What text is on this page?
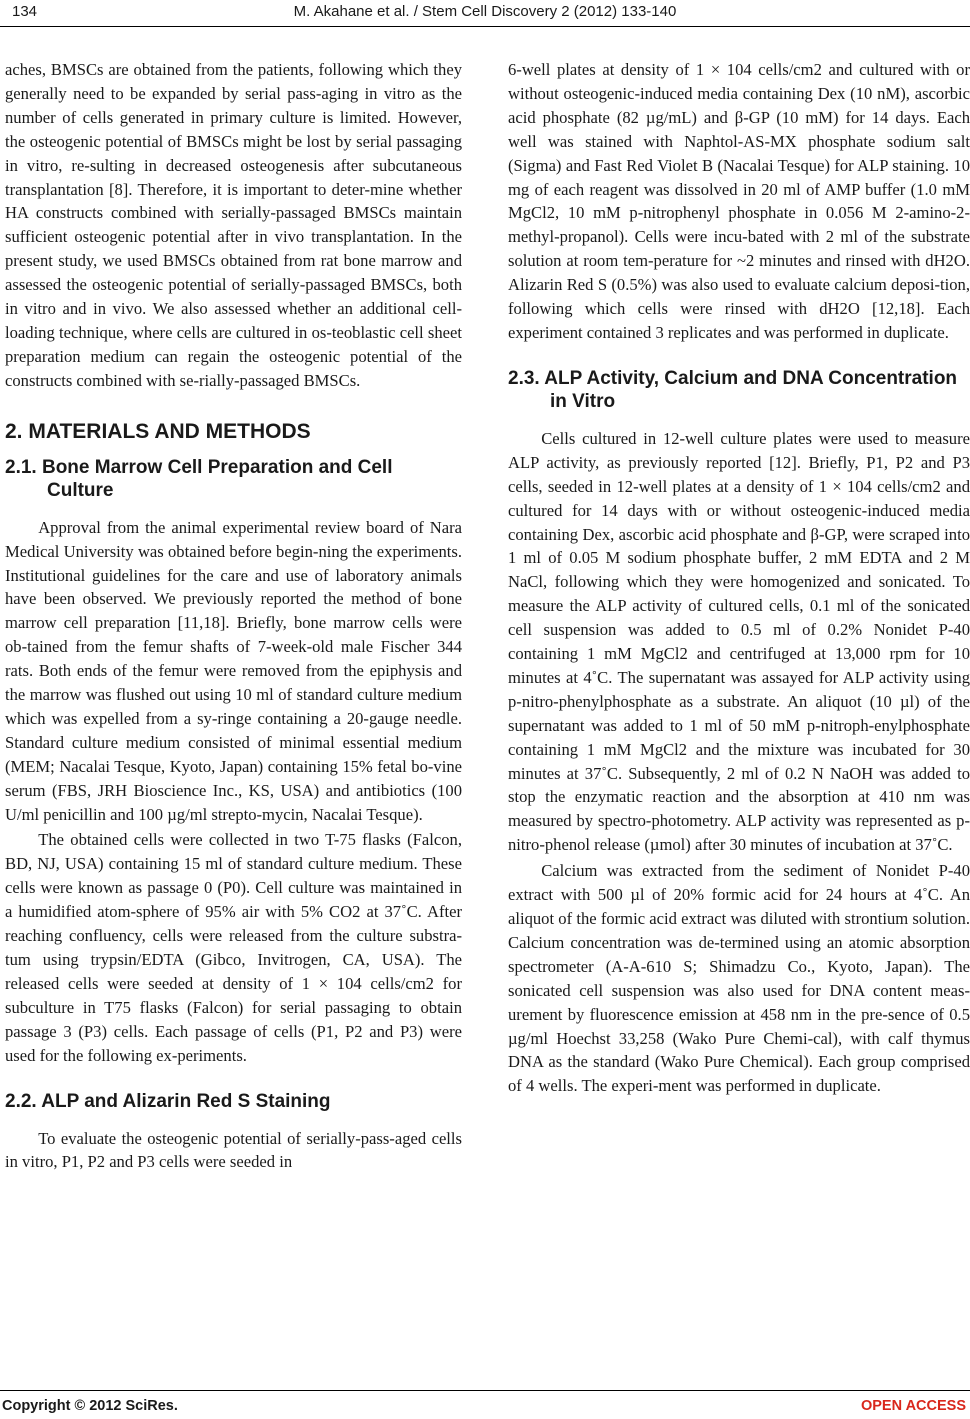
134	M. Akahane et al. / Stem Cell Discovery 2 (2012) 133-140

aches, BMSCs are obtained from the patients, following which they generally need to be expanded by serial pass-aging in vitro as the number of cells generated in primary culture is limited. However, the osteogenic potential of BMSCs might be lost by serial passaging in vitro, re-sulting in decreased osteogenesis after subcutaneous transplantation [8]. Therefore, it is important to deter-mine whether HA constructs combined with serially-passaged BMSCs maintain sufficient osteogenic potential after in vivo transplantation. In the present study, we used BMSCs obtained from rat bone marrow and assessed the osteogenic potential of serially-passaged BMSCs, both in vitro and in vivo. We also assessed whether an additional cell-loading technique, where cells are cultured in os-teoblastic cell sheet preparation medium can regain the osteogenic potential of the constructs combined with se-rially-passaged BMSCs.

2. MATERIALS AND METHODS
2.1. Bone Marrow Cell Preparation and Cell Culture

Approval from the animal experimental review board of Nara Medical University was obtained before begin-ning the experiments. Institutional guidelines for the care and use of laboratory animals have been observed. We previously reported the method of bone marrow cell preparation [11,18]. Briefly, bone marrow cells were ob-tained from the femur shafts of 7-week-old male Fischer 344 rats. Both ends of the femur were removed from the epiphysis and the marrow was flushed out using 10 ml of standard culture medium which was expelled from a sy-ringe containing a 20-gauge needle. Standard culture medium consisted of minimal essential medium (MEM; Nacalai Tesque, Kyoto, Japan) containing 15% fetal bo-vine serum (FBS, JRH Bioscience Inc., KS, USA) and antibiotics (100 U/ml penicillin and 100 µg/ml strepto-mycin, Nacalai Tesque).

The obtained cells were collected in two T-75 flasks (Falcon, BD, NJ, USA) containing 15 ml of standard culture medium. These cells were known as passage 0 (P0). Cell culture was maintained in a humidified atom-sphere of 95% air with 5% CO2 at 37˚C. After reaching confluency, cells were released from the culture substra-tum using trypsin/EDTA (Gibco, Invitrogen, CA, USA). The released cells were seeded at density of 1 × 104 cells/cm2 for subculture in T75 flasks (Falcon) for serial passaging to obtain passage 3 (P3) cells. Each passage of cells (P1, P2 and P3) were used for the following ex-periments.

2.2. ALP and Alizarin Red S Staining

To evaluate the osteogenic potential of serially-pass-aged cells in vitro, P1, P2 and P3 cells were seeded in

6-well plates at density of 1 × 104 cells/cm2 and cultured with or without osteogenic-induced media containing Dex (10 nM), ascorbic acid phosphate (82 µg/mL) and β-GP (10 mM) for 14 days. Each well was stained with Naphtol-AS-MX phosphate sodium salt (Sigma) and Fast Red Violet B (Nacalai Tesque) for ALP staining. 10 mg of each reagent was dissolved in 20 ml of AMP buffer (1.0 mM MgCl2, 10 mM p-nitrophenyl phosphate in 0.056 M 2-amino-2-methyl-propanol). Cells were incu-bated with 2 ml of the substrate solution at room tem-perature for ~2 minutes and rinsed with dH2O. Alizarin Red S (0.5%) was also used to evaluate calcium deposi-tion, following which cells were rinsed with dH2O [12,18]. Each experiment contained 3 replicates and was performed in duplicate.

2.3. ALP Activity, Calcium and DNA Concentration in Vitro

Cells cultured in 12-well culture plates were used to measure ALP activity, as previously reported [12]. Briefly, P1, P2 and P3 cells, seeded in 12-well plates at a density of 1 × 104 cells/cm2 and cultured for 14 days with or without osteogenic-induced media containing Dex, ascorbic acid phosphate and β-GP, were scraped into 1 ml of 0.05 M sodium phosphate buffer, 2 mM EDTA and 2 M NaCl, following which they were homogenized and sonicated. To measure the ALP activity of cultured cells, 0.1 ml of the sonicated cell suspension was added to 0.5 ml of 0.2% Nonidet P-40 containing 1 mM MgCl2 and centrifuged at 13,000 rpm for 10 minutes at 4˚C. The supernatant was assayed for ALP activity using p-nitro-phenylphosphate as a substrate. An aliquot (10 µl) of the supernatant was added to 1 ml of 50 mM p-nitroph-enylphosphate containing 1 mM MgCl2 and the mixture was incubated for 30 minutes at 37˚C. Subsequently, 2 ml of 0.2 N NaOH was added to stop the enzymatic reaction and the absorption at 410 nm was measured by spectro-photometry. ALP activity was represented as p-nitro-phenol release (µmol) after 30 minutes of incubation at 37˚C.

Calcium was extracted from the sediment of Nonidet P-40 extract with 500 µl of 20% formic acid for 24 hours at 4˚C. An aliquot of the formic acid extract was diluted with strontium solution. Calcium concentration was de-termined using an atomic absorption spectrometer (A-A-610 S; Shimadzu Co., Kyoto, Japan). The sonicated cell suspension was also used for DNA content meas-urement by fluorescence emission at 458 nm in the pre-sence of 0.5 µg/ml Hoechst 33,258 (Wako Pure Chemi-cal), with calf thymus DNA as the standard (Wako Pure Chemical). Each group comprised of 4 wells. The experi-ment was performed in duplicate.

Copyright © 2012 SciRes.	OPEN ACCESS
